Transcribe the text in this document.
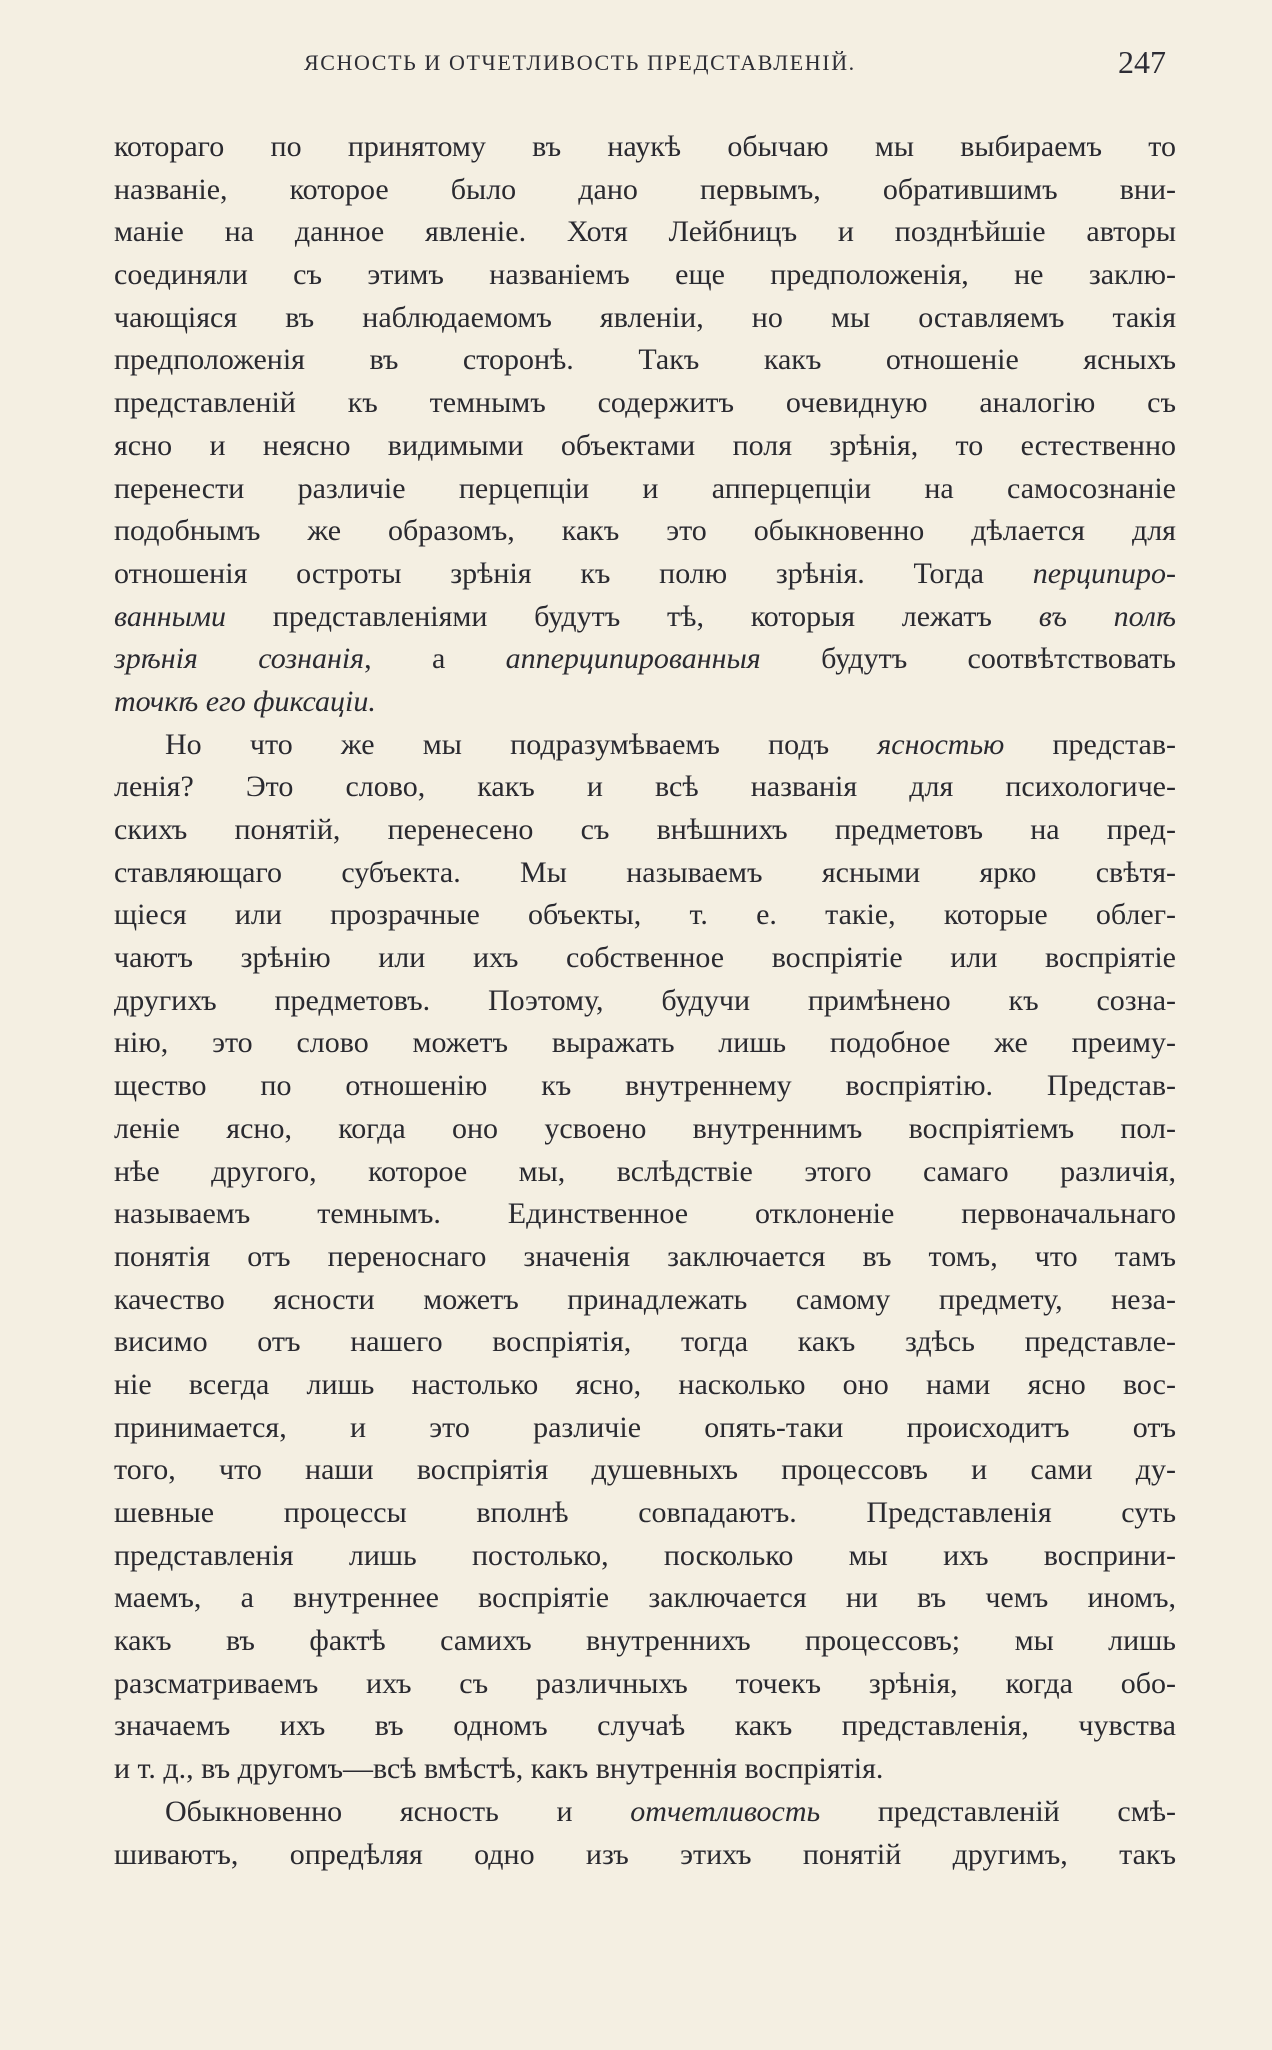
ЯСНОСТЬ И ОТЧЕТЛИВОСТЬ ПРЕДСТАВЛЕНІЙ.	247
котораго по принятому въ наукѣ обычаю мы выбираемъ то
названіе, которое было дано первымъ, обратившимъ вни-
маніе на данное явленіе. Хотя Лейбницъ и позднѣйшіе авторы
соединяли съ этимъ названіемъ еще предположенія, не заклю-
чающіяся въ наблюдаемомъ явленіи, но мы оставляемъ такія
предположенія въ сторонѣ. Такъ какъ отношеніе ясныхъ
представленій къ темнымъ содержитъ очевидную аналогію съ
ясно и неясно видимыми объектами поля зрѣнія, то естественно
перенести различіе перцепціи и апперцепціи на самосознаніе
подобнымъ же образомъ, какъ это обыкновенно дѣлается для
отношенія остроты зрѣнія къ полю зрѣнія. Тогда перципиро-
ванными представленіями будутъ тѣ, которыя лежатъ въ полѣ
зрѣнія сознанія, а апперципированныя будутъ соотвѣтствовать
точкѣ его фиксаціи.
Но что же мы подразумѣваемъ подъ ясностью представ-
ленія? Это слово, какъ и всѣ названія для психологиче-
скихъ понятій, перенесено съ внѣшнихъ предметовъ на пред-
ставляющаго субъекта. Мы называемъ ясными ярко свѣтя-
щіеся или прозрачные объекты, т. е. такіе, которые облег-
чаютъ зрѣнію или ихъ собственное воспріятіе или воспріятіе
другихъ предметовъ. Поэтому, будучи примѣнено къ созна-
нію, это слово можетъ выражать лишь подобное же преиму-
щество по отношенію къ внутреннему воспріятію. Представ-
леніе ясно, когда оно усвоено внутреннимъ воспріятіемъ пол-
нѣе другого, которое мы, вслѣдствіе этого самаго различія,
называемъ темнымъ. Единственное отклоненіе первоначальнаго
понятія отъ переноснаго значенія заключается въ томъ, что тамъ
качество ясности можетъ принадлежать самому предмету, неза-
висимо отъ нашего воспріятія, тогда какъ здѣсь представле-
ніе всегда лишь настолько ясно, насколько оно нами ясно вос-
принимается, и это различіе опять-таки происходитъ отъ
того, что наши воспріятія душевныхъ процессовъ и сами ду-
шевные процессы вполнѣ совпадаютъ. Представленія суть
представленія лишь постолько, посколько мы ихъ восприни-
маемъ, а внутреннее воспріятіе заключается ни въ чемъ иномъ,
какъ въ фактѣ самихъ внутреннихъ процессовъ; мы лишь
разсматриваемъ ихъ съ различныхъ точекъ зрѣнія, когда обо-
значаемъ ихъ въ одномъ случаѣ какъ представленія, чувства
и т. д., въ другомъ—всѣ вмѣстѣ, какъ внутреннія воспріятія.
Обыкновенно ясность и отчетливость представленій смѣ-
шиваютъ, опредѣляя одно изъ этихъ понятій другимъ, такъ
